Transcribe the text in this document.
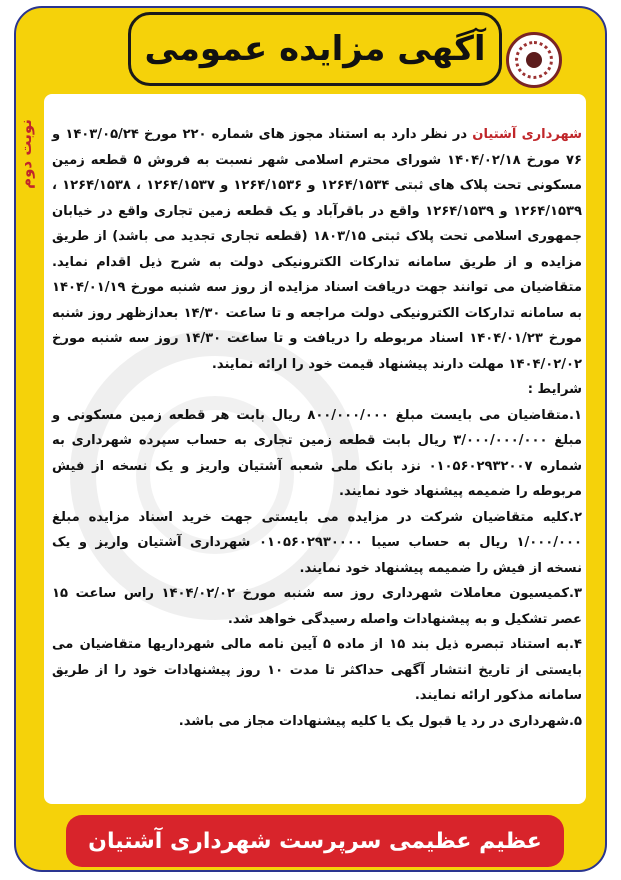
آگهی مزایده عمومی
نوبت دوم	شهرداری آشتیان در نظر دارد به استناد مجوز های شماره ۲۲۰ مورخ ۱۴۰۳/۰۵/۲۴ و ۷۶ مورخ ۱۴۰۴/۰۲/۱۸ شورای محترم اسلامی شهر نسبت به فروش ۵ قطعه زمین مسکونی تحت پلاک های ثبتی ۱۲۶۴/۱۵۳۴ و ۱۲۶۴/۱۵۳۶ و ۱۲۶۴/۱۵۳۷ ، ۱۲۶۴/۱۵۳۸ ، ۱۲۶۴/۱۵۳۹ و ۱۲۶۴/۱۵۳۹ واقع در باقرآباد و یک قطعه زمین تجاری واقع در خیابان جمهوری اسلامی تحت پلاک ثبتی ۱۸۰۳/۱۵ (قطعه تجاری تجدید می باشد) از طریق مزایده و از طریق سامانه تدارکات الکترونیکی دولت به شرح ذیل اقدام نماید. متقاضیان می توانند جهت دریافت اسناد مزایده از روز سه شنبه مورخ ۱۴۰۴/۰۱/۱۹ به سامانه تدارکات الکترونیکی دولت مراجعه و تا ساعت ۱۴/۳۰ بعدازظهر روز شنبه مورخ ۱۴۰۴/۰۱/۲۳ اسناد مربوطه را دریافت و تا ساعت ۱۴/۳۰ روز سه شنبه مورخ ۱۴۰۴/۰۲/۰۲ مهلت دارند پیشنهاد قیمت خود را ارائه نمایند.

شرایط :

۱.متقاضیان می بایست مبلغ ۸۰۰/۰۰۰/۰۰۰ ریال بابت هر قطعه زمین مسکونی و مبلغ ۳/۰۰۰/۰۰۰/۰۰۰ ریال بابت قطعه زمین تجاری به حساب سپرده شهرداری به شماره ۰۱۰۵۶۰۲۹۳۲۰۰۷ نزد بانک ملی شعبه آشتیان واریز و یک نسخه از فیش مربوطه را ضمیمه پیشنهاد خود نمایند.

۲.کلیه متقاضیان شرکت در مزایده می بایستی جهت خرید اسناد مزایده مبلغ ۱/۰۰۰/۰۰۰ ریال به حساب سیبا ۰۱۰۵۶۰۲۹۳۰۰۰۰ شهرداری آشتیان واریز و یک نسخه از فیش را ضمیمه پیشنهاد خود نمایند.

۳.کمیسیون معاملات شهرداری روز سه شنبه مورخ ۱۴۰۴/۰۲/۰۲ راس ساعت ۱۵ عصر تشکیل و به پیشنهادات واصله رسیدگی خواهد شد.

۴.به استناد تبصره ذیل بند ۱۵ از ماده ۵ آیین نامه مالی شهرداریها متقاضیان می بایستی از تاریخ انتشار آگهی حداکثر تا مدت ۱۰ روز پیشنهادات خود را از طریق سامانه مذکور ارائه نمایند.

۵.شهرداری در رد یا قبول یک یا کلیه پیشنهادات مجاز می باشد.

عظیم عظیمی سرپرست شهرداری آشتیان
